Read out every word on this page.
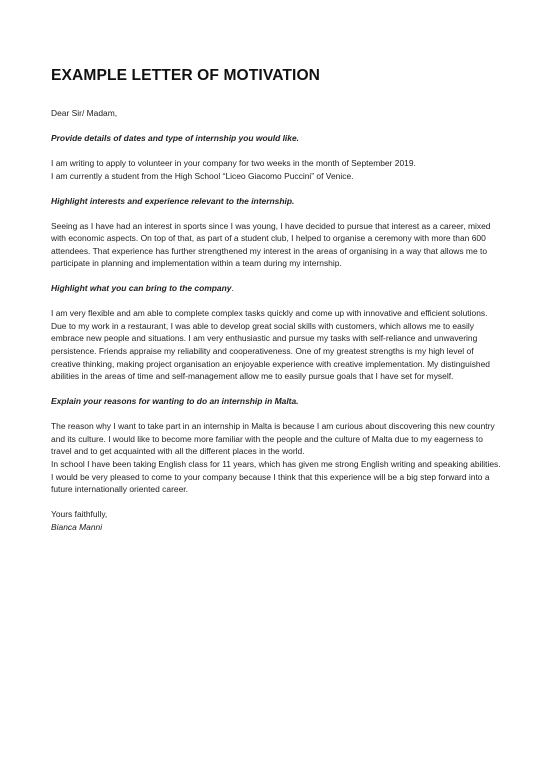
EXAMPLE LETTER OF MOTIVATION

Dear Sir/ Madam,

Provide details of dates and type of internship you would like.

I am writing to apply to volunteer in your company for two weeks in the month of September 2019.

I am currently a student from the High School “Liceo Giacomo Puccini” of Venice.

Highlight interests and experience relevant to the internship.

Seeing as I have had an interest in sports since I was young, I have decided to pursue that interest as a career, mixed with economic aspects. On top of that, as part of a student club, I helped to organise a ceremony with more than 600 attendees. That experience has further strengthened my interest in the areas of organising in a way that allows me to participate in planning and implementation within a team during my internship.

Highlight what you can bring to the company.

I am very flexible and am able to complete complex tasks quickly and come up with innovative and efficient solutions. Due to my work in a restaurant, I was able to develop great social skills with customers, which allows me to easily embrace new people and situations. I am very enthusiastic and pursue my tasks with self-reliance and unwavering persistence. Friends appraise my reliability and cooperativeness. One of my greatest strengths is my high level of creative thinking, making project organisation an enjoyable experience with creative implementation. My distinguished abilities in the areas of time and self-management allow me to easily pursue goals that I have set for myself.

Explain your reasons for wanting to do an internship in Malta.

The reason why I want to take part in an internship in Malta is because I am curious about discovering this new country and its culture. I would like to become more familiar with the people and the culture of Malta due to my eagerness to travel and to get acquainted with all the different places in the world.

In school I have been taking English class for 11 years, which has given me strong English writing and speaking abilities.

I would be very pleased to come to your company because I think that this experience will be a big step forward into a future internationally oriented career.

Yours faithfully,

Bianca Manni
